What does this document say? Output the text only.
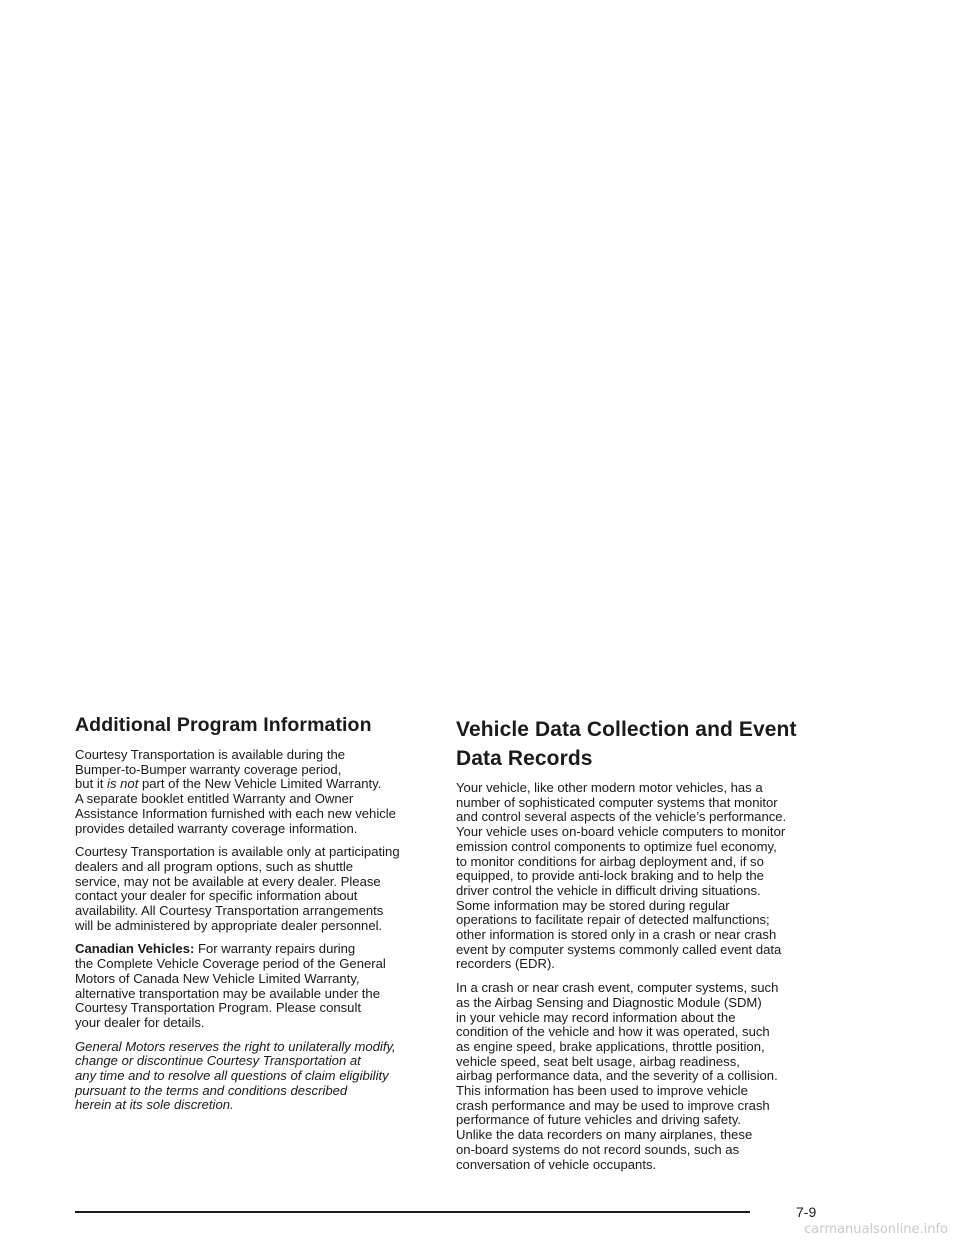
Additional Program Information

Courtesy Transportation is available during the
Bumper-to-Bumper warranty coverage period,
but it is not part of the New Vehicle Limited Warranty.
A separate booklet entitled Warranty and Owner
Assistance Information furnished with each new vehicle
provides detailed warranty coverage information.

Courtesy Transportation is available only at participating
dealers and all program options, such as shuttle
service, may not be available at every dealer. Please
contact your dealer for specific information about
availability. All Courtesy Transportation arrangements
will be administered by appropriate dealer personnel.

Canadian Vehicles: For warranty repairs during
the Complete Vehicle Coverage period of the General
Motors of Canada New Vehicle Limited Warranty,
alternative transportation may be available under the
Courtesy Transportation Program. Please consult
your dealer for details.

General Motors reserves the right to unilaterally modify,
change or discontinue Courtesy Transportation at
any time and to resolve all questions of claim eligibility
pursuant to the terms and conditions described
herein at its sole discretion.

Vehicle Data Collection and Event Data Records

Your vehicle, like other modern motor vehicles, has a
number of sophisticated computer systems that monitor
and control several aspects of the vehicle’s performance.
Your vehicle uses on-board vehicle computers to monitor
emission control components to optimize fuel economy,
to monitor conditions for airbag deployment and, if so
equipped, to provide anti-lock braking and to help the
driver control the vehicle in difficult driving situations.
Some information may be stored during regular
operations to facilitate repair of detected malfunctions;
other information is stored only in a crash or near crash
event by computer systems commonly called event data
recorders (EDR).

In a crash or near crash event, computer systems, such
as the Airbag Sensing and Diagnostic Module (SDM)
in your vehicle may record information about the
condition of the vehicle and how it was operated, such
as engine speed, brake applications, throttle position,
vehicle speed, seat belt usage, airbag readiness,
airbag performance data, and the severity of a collision.
This information has been used to improve vehicle
crash performance and may be used to improve crash
performance of future vehicles and driving safety.
Unlike the data recorders on many airplanes, these
on-board systems do not record sounds, such as
conversation of vehicle occupants.

7-9
carmanualsonline.info
